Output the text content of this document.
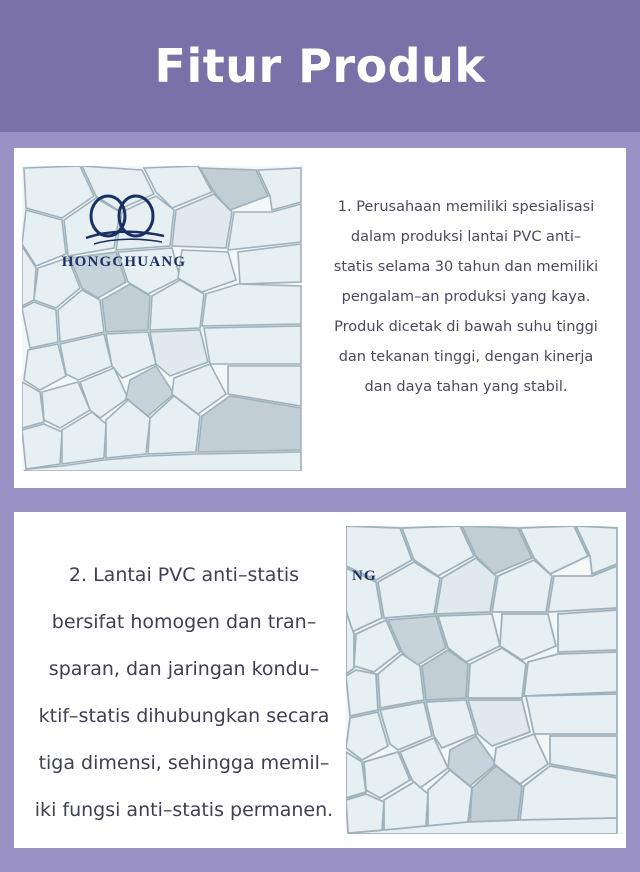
Fitur Produk
HONGCHUANG
1. Perusahaan memiliki spesialisasi
dalam produksi lantai PVC anti–
statis selama 30 tahun dan memiliki
pengalam–an produksi yang kaya.
Produk dicetak di bawah suhu tinggi
dan tekanan tinggi, dengan kinerja
dan daya tahan yang stabil.
2. Lantai PVC anti–statis
bersifat homogen dan tran–
sparan, dan jaringan kondu–
ktif–statis dihubungkan secara
tiga dimensi, sehingga memil–
iki fungsi anti–statis permanen.
NG
